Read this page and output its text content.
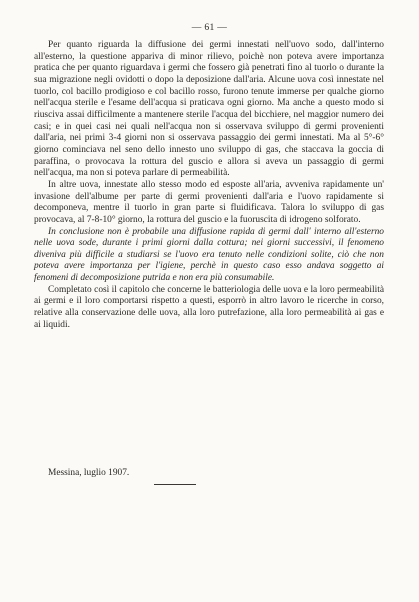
— 61 —

Per quanto riguarda la diffusione dei germi innestati nell'uovo sodo, dall'interno all'esterno, la questione appariva di minor rilievo, poichè non poteva avere importanza pratica che per quanto riguardava i germi che fossero già penetrati fino al tuorlo o durante la sua migrazione negli ovidotti o dopo la deposizione dall'aria. Alcune uova così innestate nel tuorlo, col bacillo prodigioso e col bacillo rosso, furono tenute immerse per qualche giorno nell'acqua sterile e l'esame dell'acqua si praticava ogni giorno. Ma anche a questo modo si riusciva assai difficilmente a mantenere sterile l'acqua del bicchiere, nel maggior numero dei casi; e in quei casi nei quali nell'acqua non si osservava sviluppo di germi provenienti dall'aria, nei primi 3-4 giorni non si osservava passaggio dei germi innestati. Ma al 5°-6° giorno cominciava nel seno dello innesto uno sviluppo di gas, che staccava la goccia di paraffina, o provocava la rottura del guscio e allora si aveva un passaggio di germi nell'acqua, ma non si poteva parlare di permeabilità.

In altre uova, innestate allo stesso modo ed esposte all'aria, avveniva rapidamente un' invasione dell'albume per parte di germi provenienti dall'aria e l'uovo rapidamente si decomponeva, mentre il tuorlo in gran parte si fluidificava. Talora lo sviluppo di gas provocava, al 7-8-10° giorno, la rottura del guscio e la fuoruscita di idrogeno solforato.

In conclusione non è probabile una diffusione rapida di germi dall' interno all'esterno nelle uova sode, durante i primi giorni dalla cottura; nei giorni successivi, il fenomeno diveniva più difficile a studiarsi se l'uovo era tenuto nelle condizioni solite, ciò che non poteva avere importanza per l'igiene, perchè in questo caso esso andava soggetto ai fenomeni di decomposizione putrida e non era più consumabile.

Completato così il capitolo che concerne le batteriologia delle uova e la loro permeabilità ai germi e il loro comportarsi rispetto a questi, esporrò in altro lavoro le ricerche in corso, relative alla conservazione delle uova, alla loro putrefazione, alla loro permeabilità ai gas e ai liquidi.

Messina, luglio 1907.
